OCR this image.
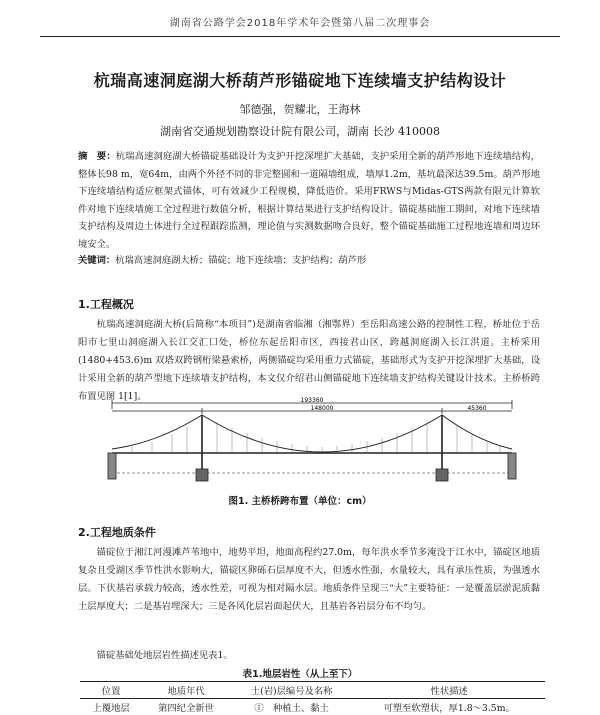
湖南省公路学会2018年学术年会暨第八届二次理事会
杭瑞高速洞庭湖大桥葫芦形锚碇地下连续墙支护结构设计
邹德强，贺耀北，王海林
湖南省交通规划勘察设计院有限公司，湖南 长沙 410008
摘　要：杭瑞高速洞庭湖大桥锚碇基础设计为支护开挖深埋扩大基础，支护采用全新的葫芦形地下连续墙结构，整体长98 m，宽64m，由两个外径不同的非完整圆和一道隔墙组成，墙厚1.2m，基坑最深达39.5m。葫芦形地下连续墙结构适应框架式锚体，可有效减少工程规模，降低造价。采用FRWS与Midas-GTS两款有限元计算软件对地下连续墙施工全过程进行数值分析，根据计算结果进行支护结构设计。锚碇基础施工期间，对地下连续墙支护结构及周边土体进行全过程跟踪监测，理论值与实测数据吻合良好，整个锚碇基础施工过程地连墙和周边环境安全。
关键词：杭瑞高速洞庭湖大桥；锚碇；地下连续墙；支护结构；葫芦形
1.工程概况
杭瑞高速洞庭湖大桥(后简称“本项目”)是湖南省临湘（湘鄂界）至岳阳高速公路的控制性工程，桥址位于岳阳市七里山洞庭湖入长江交汇口处，桥位东起岳阳市区，西接君山区，跨越洞庭湖入长江洪道。主桥采用(1480+453.6)m 双塔双跨钢桁梁悬索桥，两侧锚碇均采用重力式锚碇，基础形式为支护开挖深埋扩大基础，设计采用全新的葫芦型地下连续墙支护结构，本文仅介绍君山侧锚碇地下连续墙支护结构关键设计技术。主桥桥跨布置见图 1[1]。	193360
148000	45360
图1. 主桥桥跨布置（单位：cm）
2.工程地质条件
锚碇位于湘江河漫滩芦苇地中，地势平坦，地面高程约27.0m，每年洪水季节多淹没于江水中，锚碇区地质复杂且受湖区季节性洪水影响大，锚碇区卵砾石层厚度不大，但透水性强，水量较大，具有承压性质，为强透水层。下伏基岩承载力较高，透水性差，可视为相对隔水层。地质条件呈现三“大”主要特征：一是覆盖层淤泥质黏土层厚度大；二是基岩埋深大；三是各风化层岩面起伏大，且基岩各岩层分布不均匀。
锚碇基础处地层岩性描述见表1。
表1.地层岩性（从上至下）
位置	地质年代	土(岩)层编号及名称	性状描述
上覆地层	第四纪全新世	①　种植土、黏土	可塑至软塑状，厚1.8～3.5m。
